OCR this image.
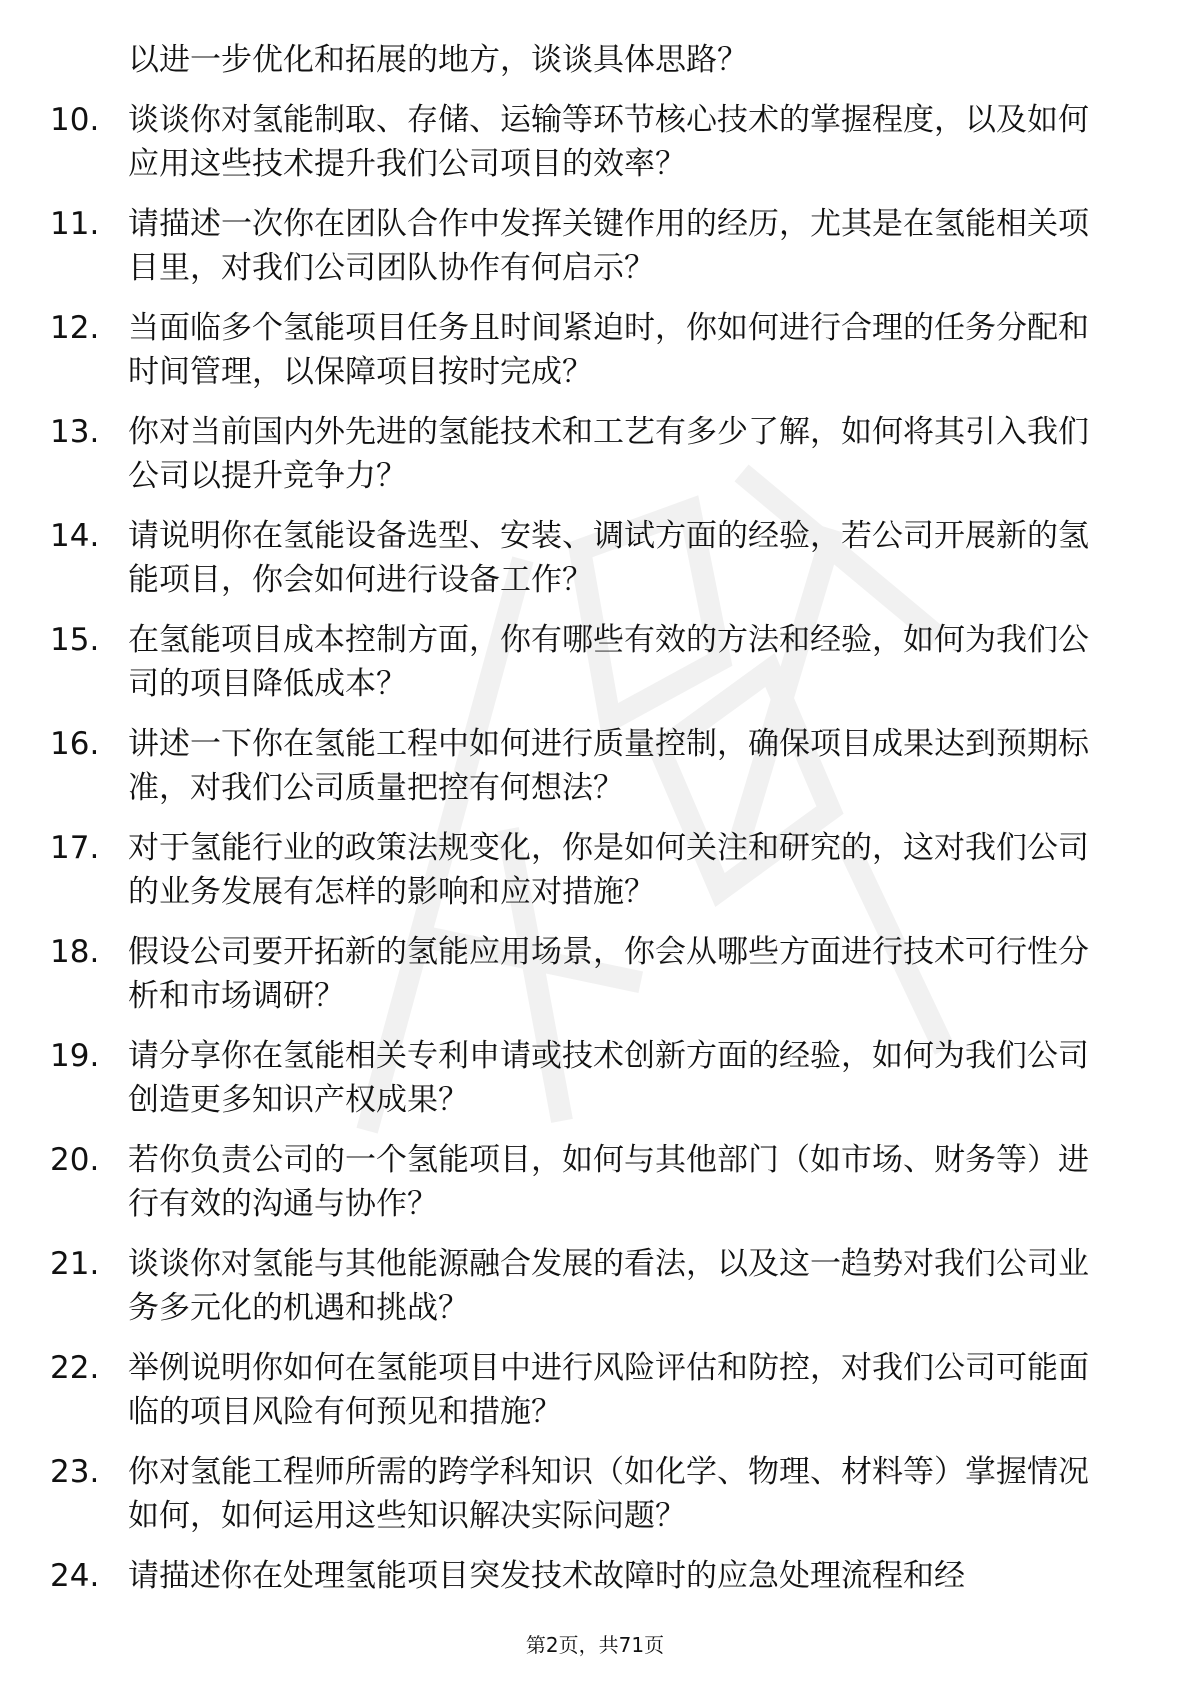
以进一步优化和拓展的地方，谈谈具体思路？
10. 谈谈你对氢能制取、存储、运输等环节核心技术的掌握程度，以及如何应用这些技术提升我们公司项目的效率？
11. 请描述一次你在团队合作中发挥关键作用的经历，尤其是在氢能相关项目里，对我们公司团队协作有何启示？
12. 当面临多个氢能项目任务且时间紧迫时，你如何进行合理的任务分配和时间管理，以保障项目按时完成？
13. 你对当前国内外先进的氢能技术和工艺有多少了解，如何将其引入我们公司以提升竞争力？
14. 请说明你在氢能设备选型、安装、调试方面的经验，若公司开展新的氢能项目，你会如何进行设备工作？
15. 在氢能项目成本控制方面，你有哪些有效的方法和经验，如何为我们公司的项目降低成本？
16. 讲述一下你在氢能工程中如何进行质量控制，确保项目成果达到预期标准，对我们公司质量把控有何想法？
17. 对于氢能行业的政策法规变化，你是如何关注和研究的，这对我们公司的业务发展有怎样的影响和应对措施？
18. 假设公司要开拓新的氢能应用场景，你会从哪些方面进行技术可行性分析和市场调研？
19. 请分享你在氢能相关专利申请或技术创新方面的经验，如何为我们公司创造更多知识产权成果？
20. 若你负责公司的一个氢能项目，如何与其他部门（如市场、财务等）进行有效的沟通与协作？
21. 谈谈你对氢能与其他能源融合发展的看法，以及这一趋势对我们公司业务多元化的机遇和挑战？
22. 举例说明你如何在氢能项目中进行风险评估和防控，对我们公司可能面临的项目风险有何预见和措施？
23. 你对氢能工程师所需的跨学科知识（如化学、物理、材料等）掌握情况如何，如何运用这些知识解决实际问题？
24. 请描述你在处理氢能项目突发技术故障时的应急处理流程和经
第2页，共71页
